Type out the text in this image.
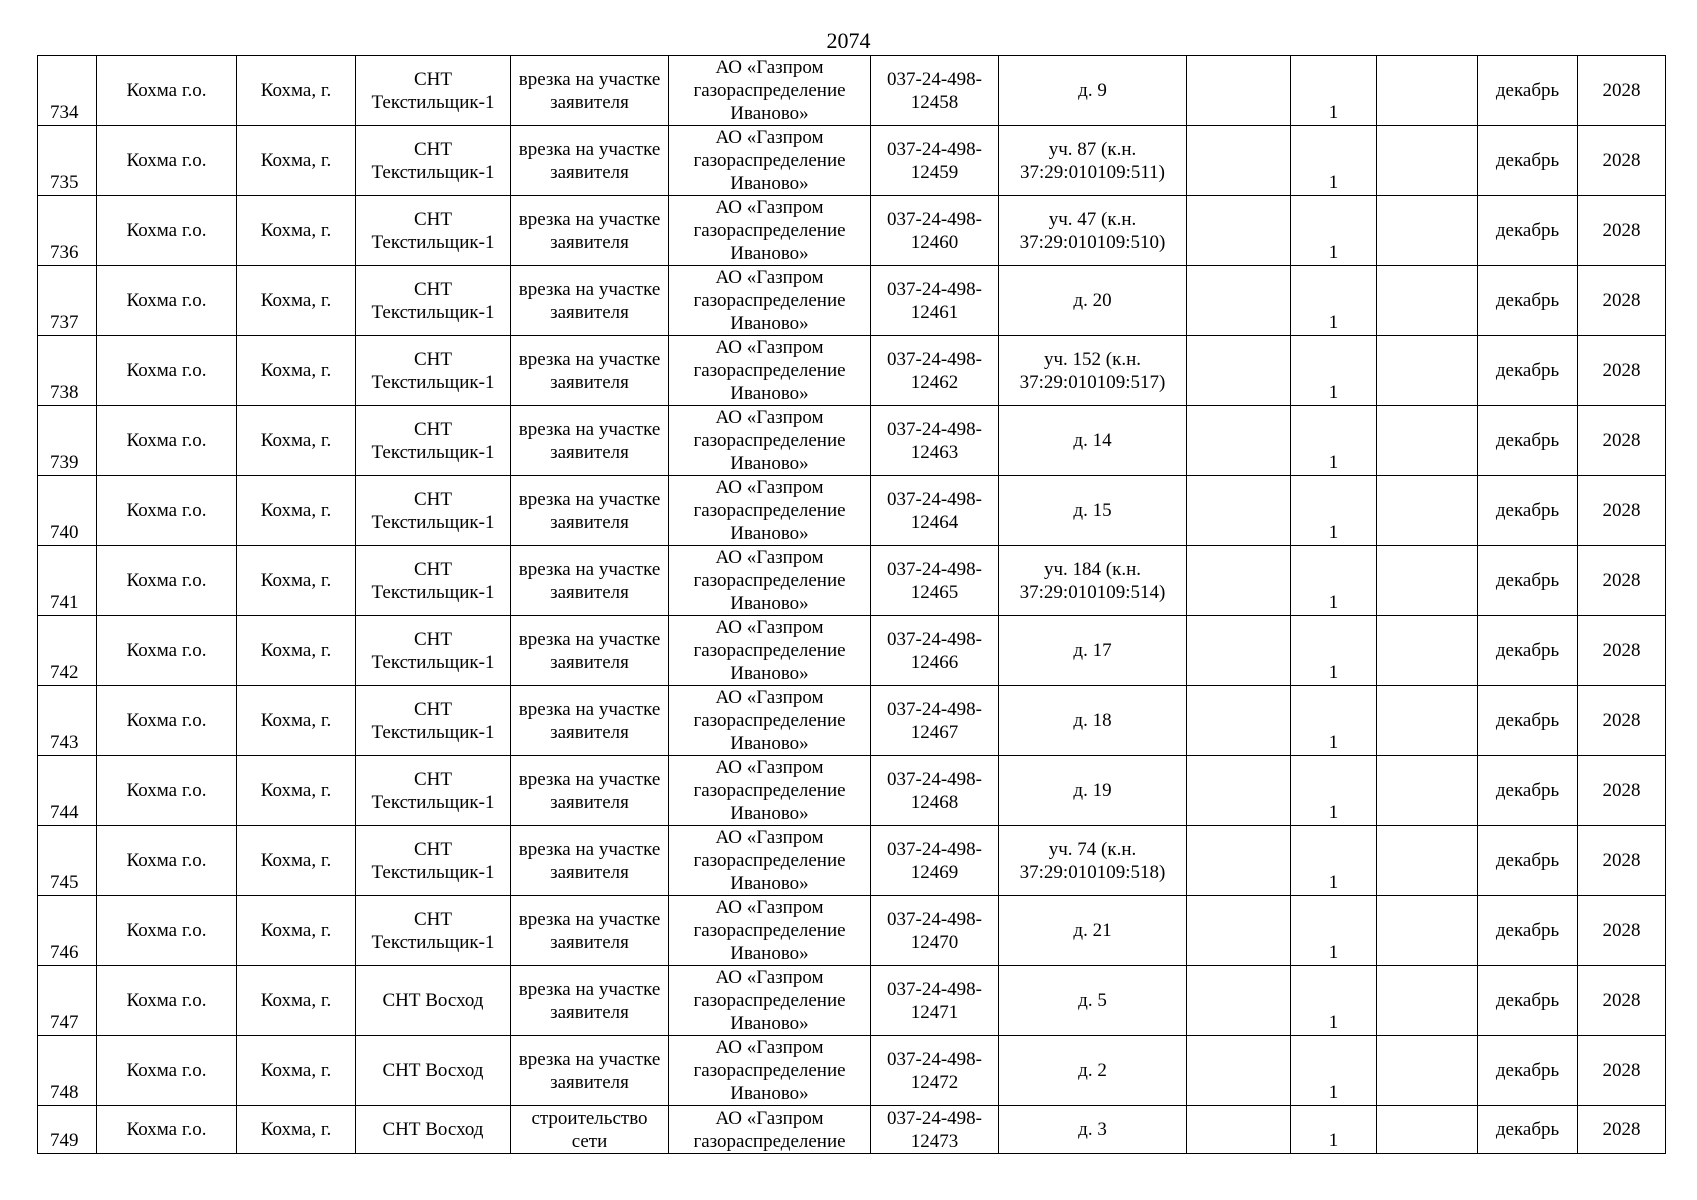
2074
734	Кохма г.о.	Кохма, г.	СНТ Текстильщик-1	врезка на участке заявителя	АО «Газпром газораспределение Иваново»	037-24-498-12458	д. 9		1		декабрь	2028

735	Кохма г.о.	Кохма, г.	СНТ Текстильщик-1	врезка на участке заявителя	АО «Газпром газораспределение Иваново»	037-24-498-12459	уч. 87 (к.н. 37:29:010109:511)		1		декабрь	2028

736	Кохма г.о.	Кохма, г.	СНТ Текстильщик-1	врезка на участке заявителя	АО «Газпром газораспределение Иваново»	037-24-498-12460	уч. 47 (к.н. 37:29:010109:510)		1		декабрь	2028

737	Кохма г.о.	Кохма, г.	СНТ Текстильщик-1	врезка на участке заявителя	АО «Газпром газораспределение Иваново»	037-24-498-12461	д. 20		1		декабрь	2028

738	Кохма г.о.	Кохма, г.	СНТ Текстильщик-1	врезка на участке заявителя	АО «Газпром газораспределение Иваново»	037-24-498-12462	уч. 152 (к.н. 37:29:010109:517)		1		декабрь	2028

739	Кохма г.о.	Кохма, г.	СНТ Текстильщик-1	врезка на участке заявителя	АО «Газпром газораспределение Иваново»	037-24-498-12463	д. 14		1		декабрь	2028

740	Кохма г.о.	Кохма, г.	СНТ Текстильщик-1	врезка на участке заявителя	АО «Газпром газораспределение Иваново»	037-24-498-12464	д. 15		1		декабрь	2028

741	Кохма г.о.	Кохма, г.	СНТ Текстильщик-1	врезка на участке заявителя	АО «Газпром газораспределение Иваново»	037-24-498-12465	уч. 184 (к.н. 37:29:010109:514)		1		декабрь	2028

742	Кохма г.о.	Кохма, г.	СНТ Текстильщик-1	врезка на участке заявителя	АО «Газпром газораспределение Иваново»	037-24-498-12466	д. 17		1		декабрь	2028

743	Кохма г.о.	Кохма, г.	СНТ Текстильщик-1	врезка на участке заявителя	АО «Газпром газораспределение Иваново»	037-24-498-12467	д. 18		1		декабрь	2028

744	Кохма г.о.	Кохма, г.	СНТ Текстильщик-1	врезка на участке заявителя	АО «Газпром газораспределение Иваново»	037-24-498-12468	д. 19		1		декабрь	2028

745	Кохма г.о.	Кохма, г.	СНТ Текстильщик-1	врезка на участке заявителя	АО «Газпром газораспределение Иваново»	037-24-498-12469	уч. 74 (к.н. 37:29:010109:518)		1		декабрь	2028

746	Кохма г.о.	Кохма, г.	СНТ Текстильщик-1	врезка на участке заявителя	АО «Газпром газораспределение Иваново»	037-24-498-12470	д. 21		1		декабрь	2028

747	Кохма г.о.	Кохма, г.	СНТ Восход	врезка на участке заявителя	АО «Газпром газораспределение Иваново»	037-24-498-12471	д. 5		1		декабрь	2028

748	Кохма г.о.	Кохма, г.	СНТ Восход	врезка на участке заявителя	АО «Газпром газораспределение Иваново»	037-24-498-12472	д. 2		1		декабрь	2028

749	Кохма г.о.	Кохма, г.	СНТ Восход	строительство сети	АО «Газпром газораспределение	037-24-498-12473	д. 3		1		декабрь	2028
